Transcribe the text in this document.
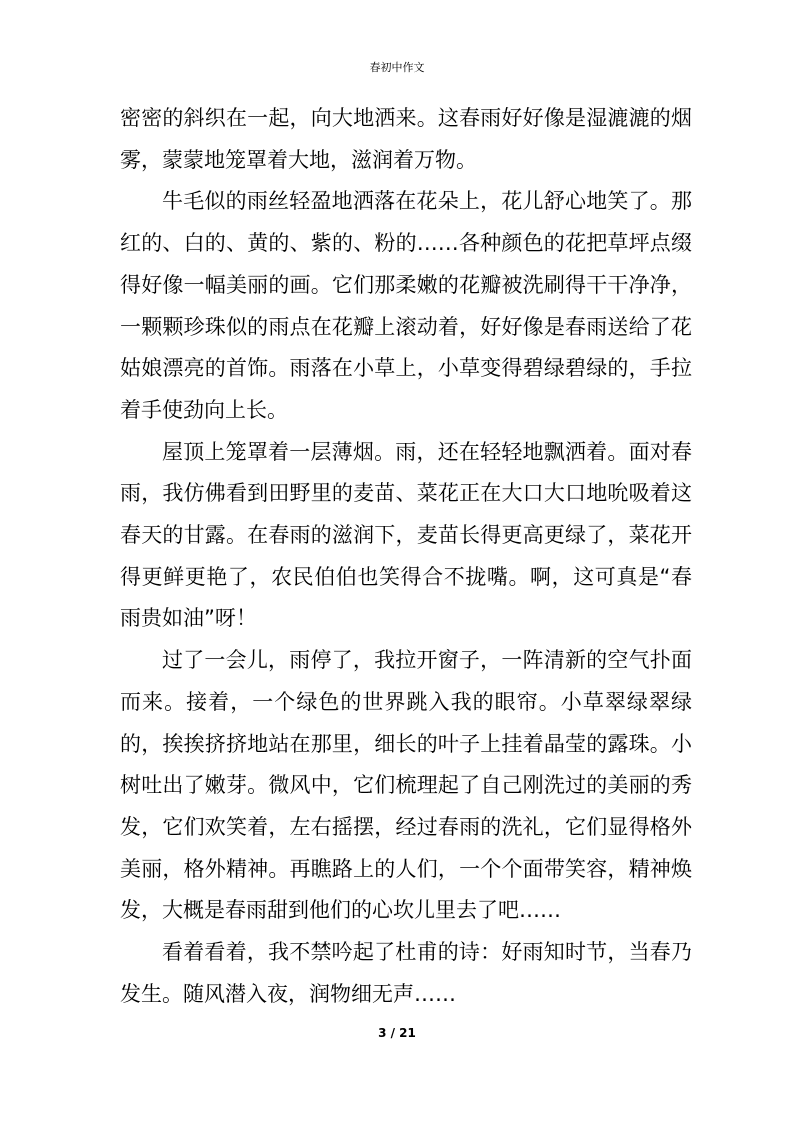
春初中作文

密密的斜织在一起，向大地洒来。这春雨好好像是湿漉漉的烟雾，蒙蒙地笼罩着大地，滋润着万物。

牛毛似的雨丝轻盈地洒落在花朵上，花儿舒心地笑了。那红的、白的、黄的、紫的、粉的……各种颜色的花把草坪点缀得好像一幅美丽的画。它们那柔嫩的花瓣被洗刷得干干净净，一颗颗珍珠似的雨点在花瓣上滚动着，好好像是春雨送给了花姑娘漂亮的首饰。雨落在小草上，小草变得碧绿碧绿的，手拉着手使劲向上长。

屋顶上笼罩着一层薄烟。雨，还在轻轻地飘洒着。面对春雨，我仿佛看到田野里的麦苗、菜花正在大口大口地吮吸着这春天的甘露。在春雨的滋润下，麦苗长得更高更绿了，菜花开得更鲜更艳了，农民伯伯也笑得合不拢嘴。啊，这可真是“春雨贵如油”呀！

过了一会儿，雨停了，我拉开窗子，一阵清新的空气扑面而来。接着，一个绿色的世界跳入我的眼帘。小草翠绿翠绿的，挨挨挤挤地站在那里，细长的叶子上挂着晶莹的露珠。小树吐出了嫩芽。微风中，它们梳理起了自己刚洗过的美丽的秀发，它们欢笑着，左右摇摆，经过春雨的洗礼，它们显得格外美丽，格外精神。再瞧路上的人们，一个个面带笑容，精神焕发，大概是春雨甜到他们的心坎儿里去了吧……

看着看着，我不禁吟起了杜甫的诗：好雨知时节，当春乃发生。随风潜入夜，润物细无声……

3 / 21
